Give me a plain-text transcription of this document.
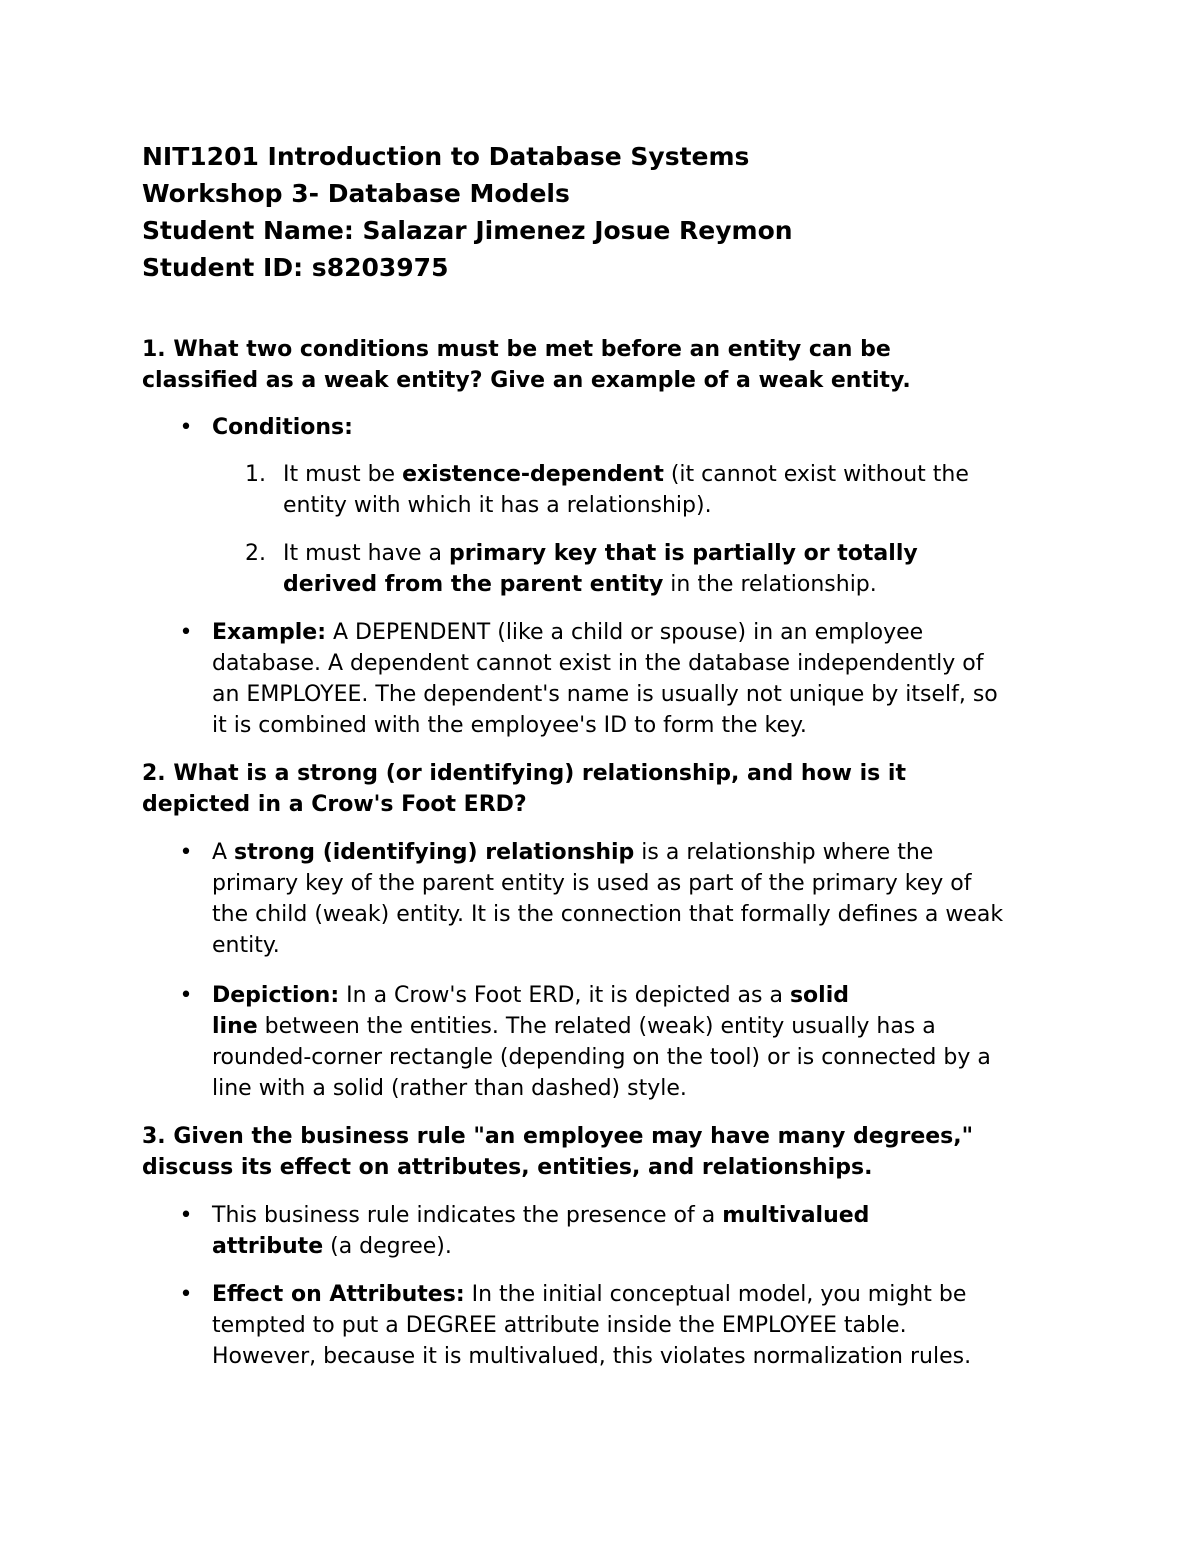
NIT1201 Introduction to Database Systems
Workshop 3- Database Models
Student Name: Salazar Jimenez Josue Reymon
Student ID: s8203975
1. What two conditions must be met before an entity can be
classified as a weak entity? Give an example of a weak entity.
• Conditions:
1. It must be existence-dependent (it cannot exist without the
entity with which it has a relationship).
2. It must have a primary key that is partially or totally
derived from the parent entity in the relationship.
• Example: A DEPENDENT (like a child or spouse) in an employee
database. A dependent cannot exist in the database independently of
an EMPLOYEE. The dependent's name is usually not unique by itself, so
it is combined with the employee's ID to form the key.
2. What is a strong (or identifying) relationship, and how is it
depicted in a Crow's Foot ERD?
• A strong (identifying) relationship is a relationship where the
primary key of the parent entity is used as part of the primary key of
the child (weak) entity. It is the connection that formally defines a weak
entity.
• Depiction: In a Crow's Foot ERD, it is depicted as a solid
line between the entities. The related (weak) entity usually has a
rounded-corner rectangle (depending on the tool) or is connected by a
line with a solid (rather than dashed) style.
3. Given the business rule "an employee may have many degrees,"
discuss its effect on attributes, entities, and relationships.
• This business rule indicates the presence of a multivalued
attribute (a degree).
• Effect on Attributes: In the initial conceptual model, you might be
tempted to put a DEGREE attribute inside the EMPLOYEE table.
However, because it is multivalued, this violates normalization rules.
